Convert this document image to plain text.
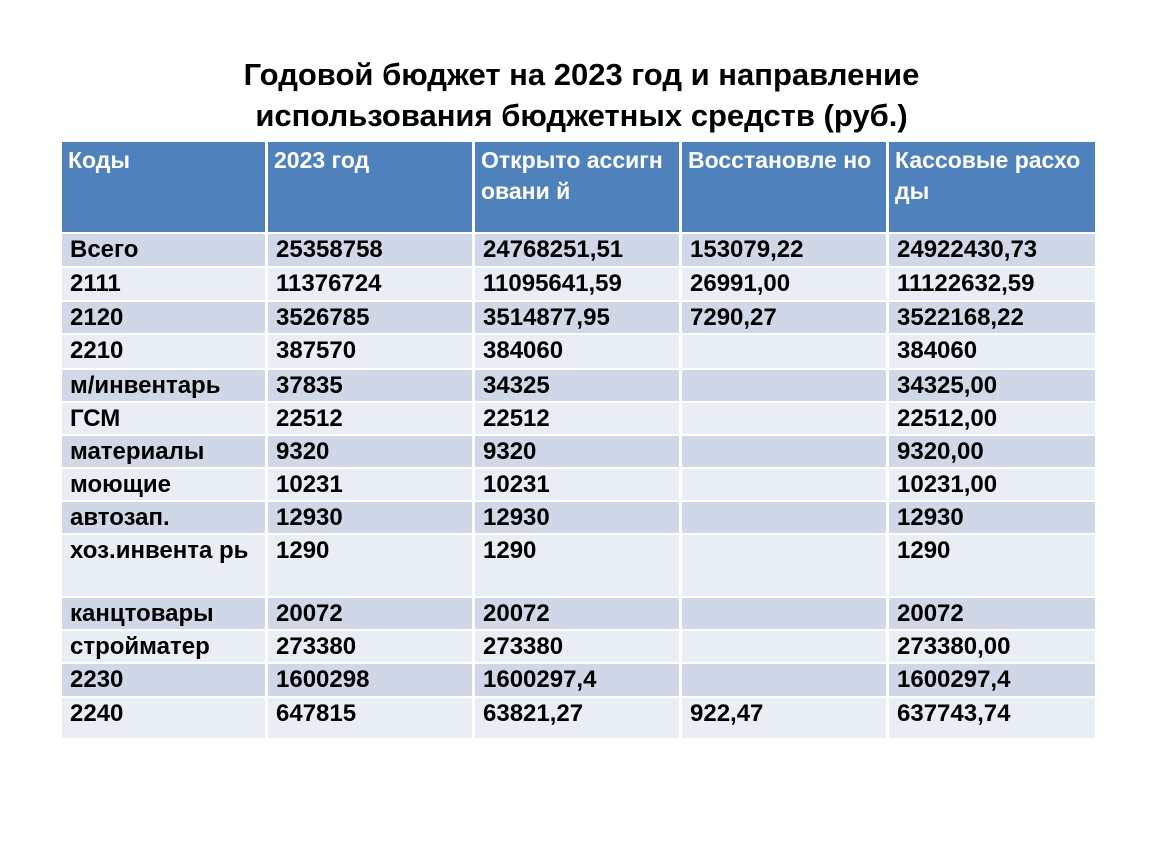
Годовой бюджет на 2023 год и направление
использования бюджетных средств (руб.)
Коды	2023 год	Открыто ассигновани й	Восстановле но	Кассовые расходы
Всего	25358758	24768251,51	153079,22	24922430,73
2111	11376724	11095641,59	26991,00	11122632,59
2120	3526785	3514877,95	7290,27	3522168,22
2210	387570	384060		384060
м/инвентарь	37835	34325		34325,00
ГСМ	22512	22512		22512,00
материалы	9320	9320		9320,00
моющие	10231	10231		10231,00
автозап.	12930	12930		12930
хоз.инвента рь	1290	1290		1290
канцтовары	20072	20072		20072
стройматер	273380	273380		273380,00
2230	1600298	1600297,4		1600297,4
2240	647815	63821,27	922,47	637743,74
